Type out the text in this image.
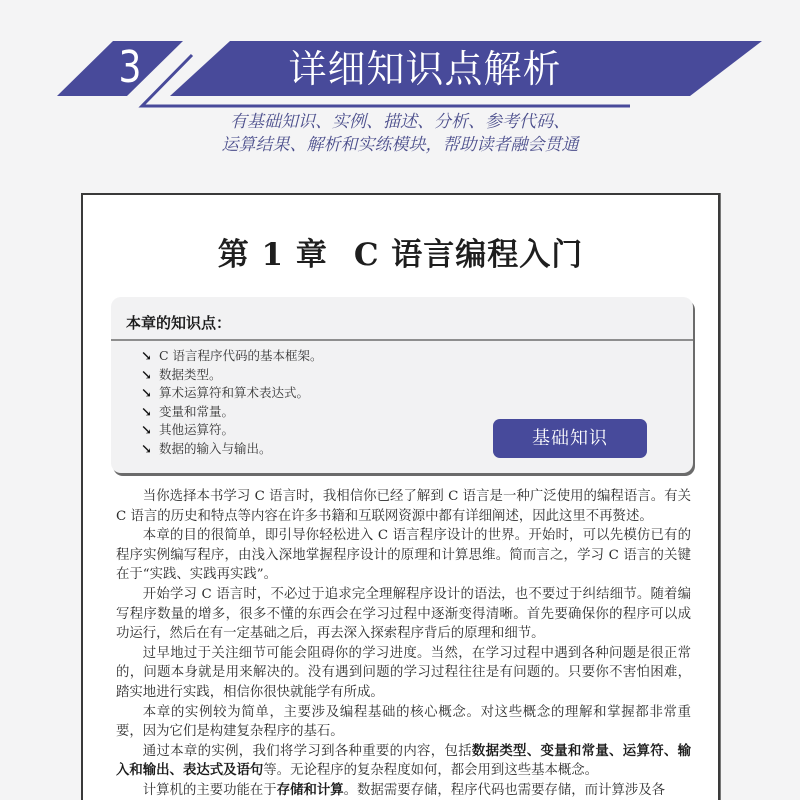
3	详细知识点解析
有基础知识、实例、描述、分析、参考代码、
运算结果、解析和实练模块，帮助读者融会贯通
第 1 章 C 语言编程入门
本章的知识点：
↘ C 语言程序代码的基本框架。
↘ 数据类型。
↘ 算术运算符和算术表达式。
↘ 变量和常量。
↘ 其他运算符。
↘ 数据的输入与输出。	基础知识

当你选择本书学习 C 语言时，我相信你已经了解到 C 语言是一种广泛使用的编程语言。有关 C 语言的历史和特点等内容在许多书籍和互联网资源中都有详细阐述，因此这里不再赘述。

本章的目的很简单，即引导你轻松进入 C 语言程序设计的世界。开始时，可以先模仿已有的程序实例编写程序，由浅入深地掌握程序设计的原理和计算思维。简而言之，学习 C 语言的关键在于“实践、实践再实践”。

开始学习 C 语言时，不必过于追求完全理解程序设计的语法，也不要过于纠结细节。随着编写程序数量的增多，很多不懂的东西会在学习过程中逐渐变得清晰。首先要确保你的程序可以成功运行，然后在有一定基础之后，再去深入探索程序背后的原理和细节。

过早地过于关注细节可能会阻碍你的学习进度。当然，在学习过程中遇到各种问题是很正常的，问题本身就是用来解决的。没有遇到问题的学习过程往往是有问题的。只要你不害怕困难，踏实地进行实践，相信你很快就能学有所成。

本章的实例较为简单，主要涉及编程基础的核心概念。对这些概念的理解和掌握都非常重要，因为它们是构建复杂程序的基石。

通过本章的实例，我们将学习到各种重要的内容，包括数据类型、变量和常量、运算符、输入和输出、表达式及语句等。无论程序的复杂程度如何，都会用到这些基本概念。

计算机的主要功能在于存储和计算。数据需要存储，程序代码也需要存储，而计算涉及各
